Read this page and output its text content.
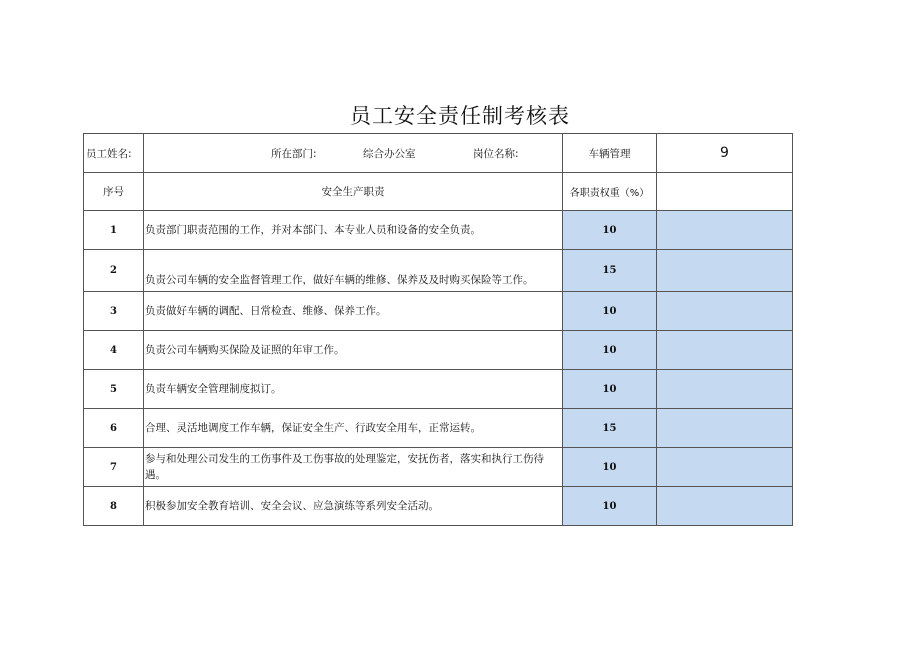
员工安全责任制考核表
员工姓名:	所在部门: 综合办公室 岗位名称:	车辆管理	9
序号	安全生产职责	各职责权重（%）	
1	负责部门职责范围的工作，并对本部门、本专业人员和设备的安全负责。	10	
2	负责公司车辆的安全监督管理工作，做好车辆的维修、保养及及时购买保险等工作。	15	
3	负责做好车辆的调配、日常检查、维修、保养工作。	10	
4	负责公司车辆购买保险及证照的年审工作。	10	
5	负责车辆安全管理制度拟订。	10	
6	合理、灵活地调度工作车辆，保证安全生产、行政安全用车，正常运转。	15	
7	参与和处理公司发生的工伤事件及工伤事故的处理鉴定，安抚伤者，落实和执行工伤待遇。	10	
8	积极参加安全教育培训、安全会议、应急演练等系列安全活动。	10	
